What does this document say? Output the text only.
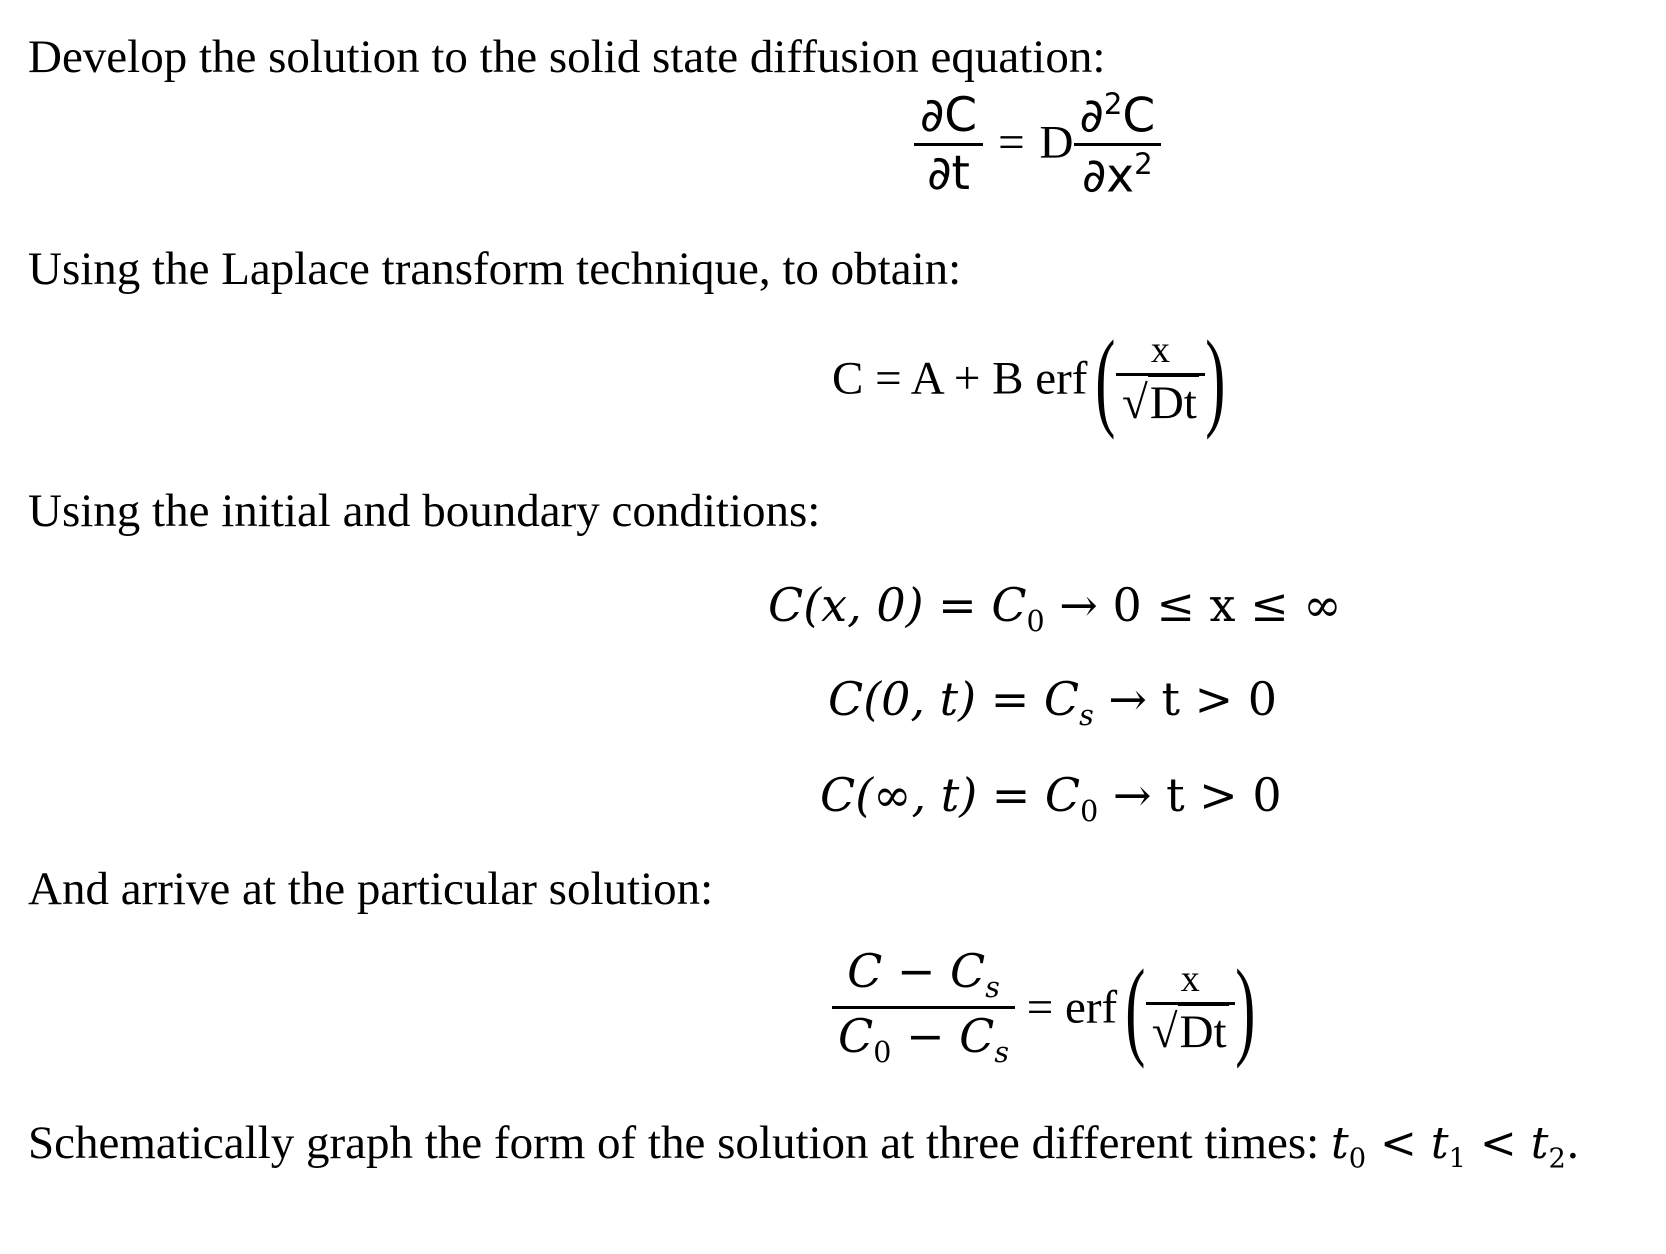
Develop the solution to the solid state diffusion equation:
$\frac{\partial C}{\partial t} = D \frac{\partial^2C}{\partial x^2}$
Using the Laplace transform technique, to obtain:
C = A + B $erf( \frac{x}{√Dt}$ )
Using the initial and boundary conditions:
C(x, $0) = C_0 \to 0 \le x$ ≤ ∞
C(0, $t) = C_s \to t > 0$
C(∞, $t) = C_0 \to t > 0$
And arrive at the particular solution:
$\frac{C - C_s}{C_0 - C_s} = erf( \frac{x}{√Dt}$ )
Schematically graph the form of the solution at three different times: $t_0 < t_1 < t_2$.
